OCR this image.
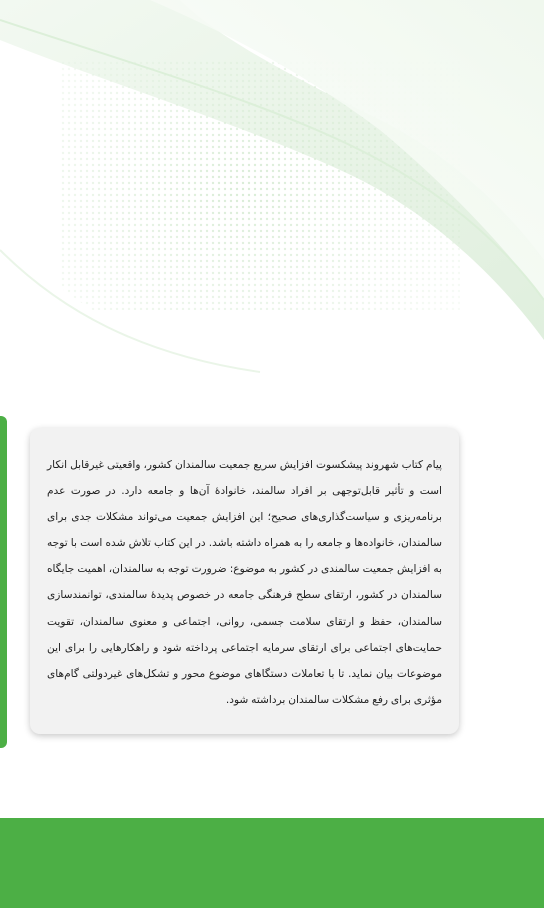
پیام کتاب شهروند پیشکسوت افزایش سریع جمعیت سالمندان کشور، واقعیتی غیرقابل انکار است و تأثیر قابل‌توجهی بر افراد سالمند، خانوادهٔ آن‌ها و جامعه دارد. در صورت عدم برنامه‌ریزی و سیاست‌گذاری‌های صحیح؛ این افزایش جمعیت می‌تواند مشکلات جدی برای سالمندان، خانواده‌ها و جامعه را به همراه داشته باشد. در این کتاب تلاش شده است با توجه به افزایش جمعیت سالمندی در کشور به موضوع: ضرورت توجه به سالمندان، اهمیت جایگاه سالمندان در کشور، ارتقای سطح فرهنگی جامعه در خصوص پدیدهٔ سالمندی، توانمندسازی سالمندان، حفظ و ارتقای سلامت جسمی، روانی، اجتماعی و معنوی سالمندان، تقویت حمایت‌های اجتماعی برای ارتقای سرمایه اجتماعی پرداخته شود و راهکارهایی را برای این موضوعات بیان نماید. تا با تعاملات دستگاهای موضوع محور و تشکل‌های غیردولتی گام‌های مؤثری برای رفع مشکلات سالمندان برداشته شود.
